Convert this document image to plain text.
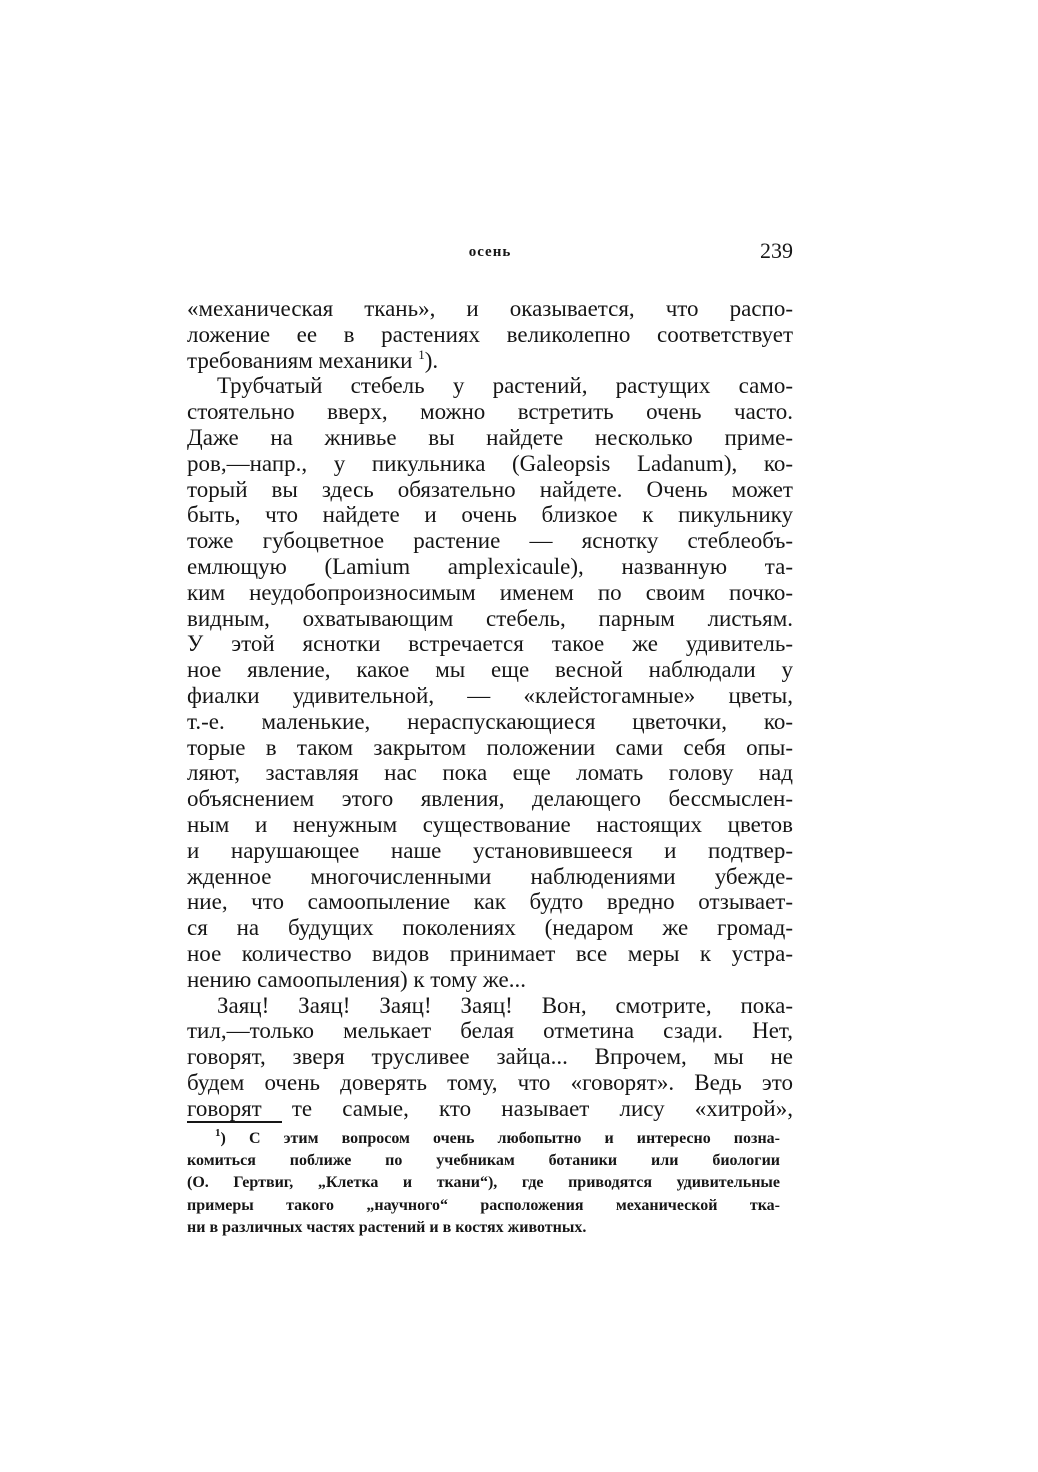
осень	239
«механическая ткань», и оказывается, что распо-
ложение ее в растениях великолепно соответствует
требованиям механики $^1$).
Трубчатый стебель у растений, растущих само-
стоятельно вверх, можно встретить очень часто.
Даже на жнивье вы найдете несколько приме-
ров,—напр., у пикульника (Galeopsis Ladanum), ко-
торый вы здесь обязательно найдете. Очень может
быть, что найдете и очень близкое к пикульнику
тоже губоцветное растение — яснотку стеблеобъ-
емлющую (Lamium amplexicaule), названную та-
ким неудобопроизносимым именем по своим почко-
видным, охватывающим стебель, парным листьям.
У этой яснотки встречается такое же удивитель-
ное явление, какое мы еще весной наблюдали у
фиалки удивительной, — «клейстогамные» цветы,
т.-е. маленькие, нераспускающиеся цветочки, ко-
торые в таком закрытом положении сами себя опы-
ляют, заставляя нас пока еще ломать голову над
объяснением этого явления, делающего бессмыслен-
ным и ненужным существование настоящих цветов
и нарушающее наше установившееся и подтвер-
жденное многочисленными наблюдениями убежде-
ние, что самоопыление как будто вредно отзывает-
ся на будущих поколениях (недаром же громад-
ное количество видов принимает все меры к устра-
нению самоопыления) к тому же...
Заяц! Заяц! Заяц! Заяц! Вон, смотрите, пока-
тил,—только мелькает белая отметина сзади. Нет,
говорят, зверя трусливее зайца... Впрочем, мы не
будем очень доверять тому, что «говорят». Ведь это
говорят те самые, кто называет лису «хитрой»,
$^1$) С этим вопросом очень любопытно и интересно позна-
комиться поближе по учебникам ботаники или биологии
(О. Гертвиг, „Клетка и ткани“), где приводятся удивительные
примеры такого „научного“ расположения механической тка-
ни в различных частях растений и в костях животных.
